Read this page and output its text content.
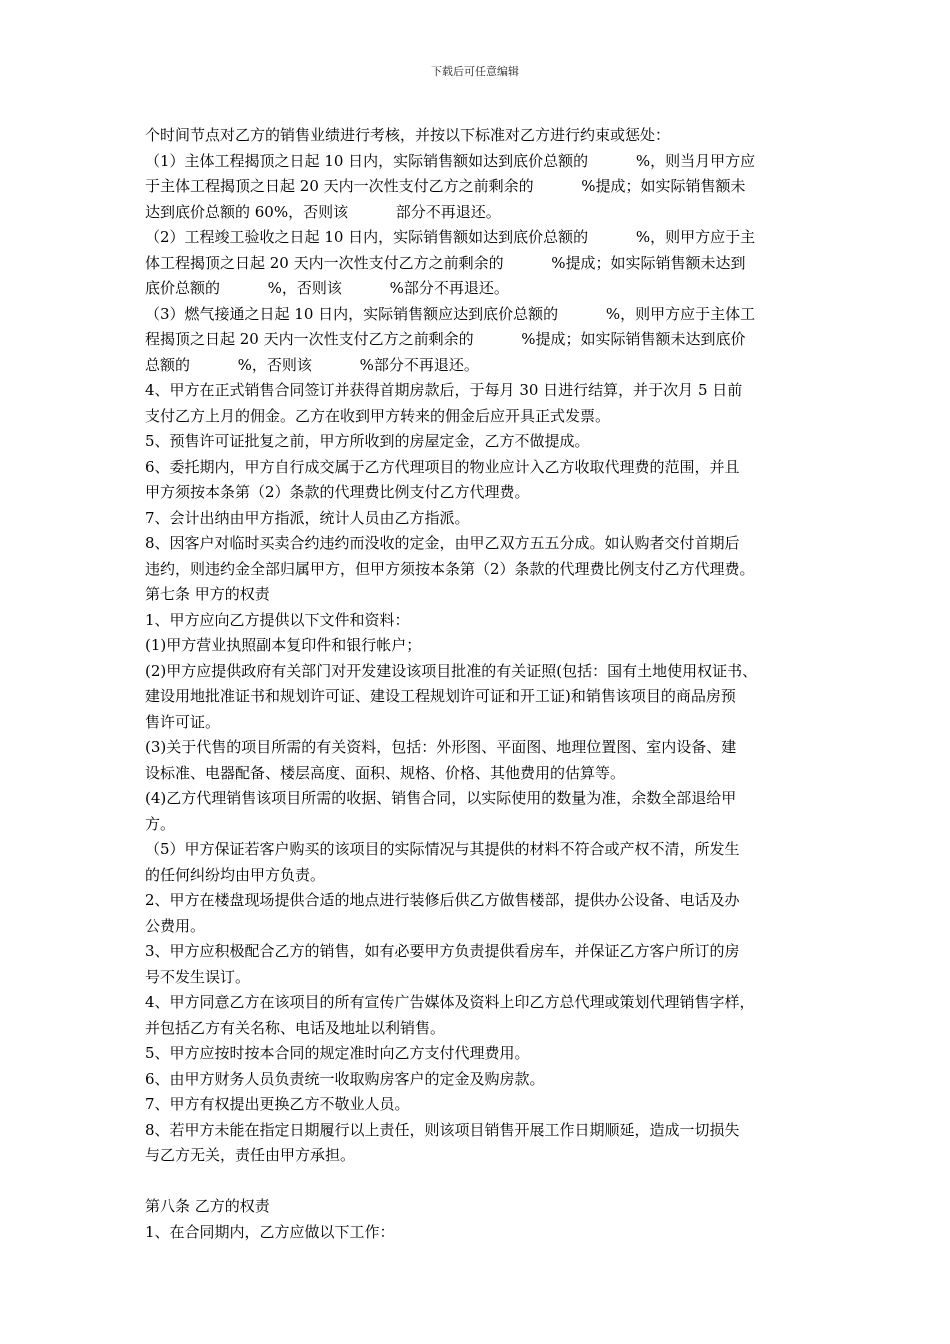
下载后可任意编辑
个时间节点对乙方的销售业绩进行考核，并按以下标准对乙方进行约束或惩处：
（1）主体工程揭顶之日起 10 日内，实际销售额如达到底价总额的          %，则当月甲方应
于主体工程揭顶之日起 20 天内一次性支付乙方之前剩余的          %提成；如实际销售额未
达到底价总额的 60%，否则该          部分不再退还。
（2）工程竣工验收之日起 10 日内，实际销售额如达到底价总额的          %，则甲方应于主
体工程揭顶之日起 20 天内一次性支付乙方之前剩余的          %提成；如实际销售额未达到
底价总额的          %，否则该          %部分不再退还。
（3）燃气接通之日起 10 日内，实际销售额应达到底价总额的          %，则甲方应于主体工
程揭顶之日起 20 天内一次性支付乙方之前剩余的          %提成；如实际销售额未达到底价
总额的          %，否则该          %部分不再退还。
4、甲方在正式销售合同签订并获得首期房款后，于每月 30 日进行结算，并于次月 5 日前
支付乙方上月的佣金。乙方在收到甲方转来的佣金后应开具正式发票。
5、预售许可证批复之前，甲方所收到的房屋定金，乙方不做提成。
6、委托期内，甲方自行成交属于乙方代理项目的物业应计入乙方收取代理费的范围，并且
甲方须按本条第（2）条款的代理费比例支付乙方代理费。
7、会计出纳由甲方指派，统计人员由乙方指派。
8、因客户对临时买卖合约违约而没收的定金，由甲乙双方五五分成。如认购者交付首期后
违约，则违约金全部归属甲方，但甲方须按本条第（2）条款的代理费比例支付乙方代理费。
第七条 甲方的权责
1、甲方应向乙方提供以下文件和资料：
(1)甲方营业执照副本复印件和银行帐户；
(2)甲方应提供政府有关部门对开发建设该项目批准的有关证照(包括：国有土地使用权证书、
建设用地批准证书和规划许可证、建设工程规划许可证和开工证)和销售该项目的商品房预
售许可证。
(3)关于代售的项目所需的有关资料，包括：外形图、平面图、地理位置图、室内设备、建
设标准、电器配备、楼层高度、面积、规格、价格、其他费用的估算等。
(4)乙方代理销售该项目所需的收据、销售合同，以实际使用的数量为准，余数全部退给甲
方。
（5）甲方保证若客户购买的该项目的实际情况与其提供的材料不符合或产权不清，所发生
的任何纠纷均由甲方负责。
2、甲方在楼盘现场提供合适的地点进行装修后供乙方做售楼部，提供办公设备、电话及办
公费用。
3、甲方应积极配合乙方的销售，如有必要甲方负责提供看房车，并保证乙方客户所订的房
号不发生误订。
4、甲方同意乙方在该项目的所有宣传广告媒体及资料上印乙方总代理或策划代理销售字样，
并包括乙方有关名称、电话及地址以利销售。
5、甲方应按时按本合同的规定准时向乙方支付代理费用。
6、由甲方财务人员负责统一收取购房客户的定金及购房款。
7、甲方有权提出更换乙方不敬业人员。
8、若甲方未能在指定日期履行以上责任，则该项目销售开展工作日期顺延，造成一切损失
与乙方无关，责任由甲方承担。
第八条 乙方的权责
1、在合同期内，乙方应做以下工作：
